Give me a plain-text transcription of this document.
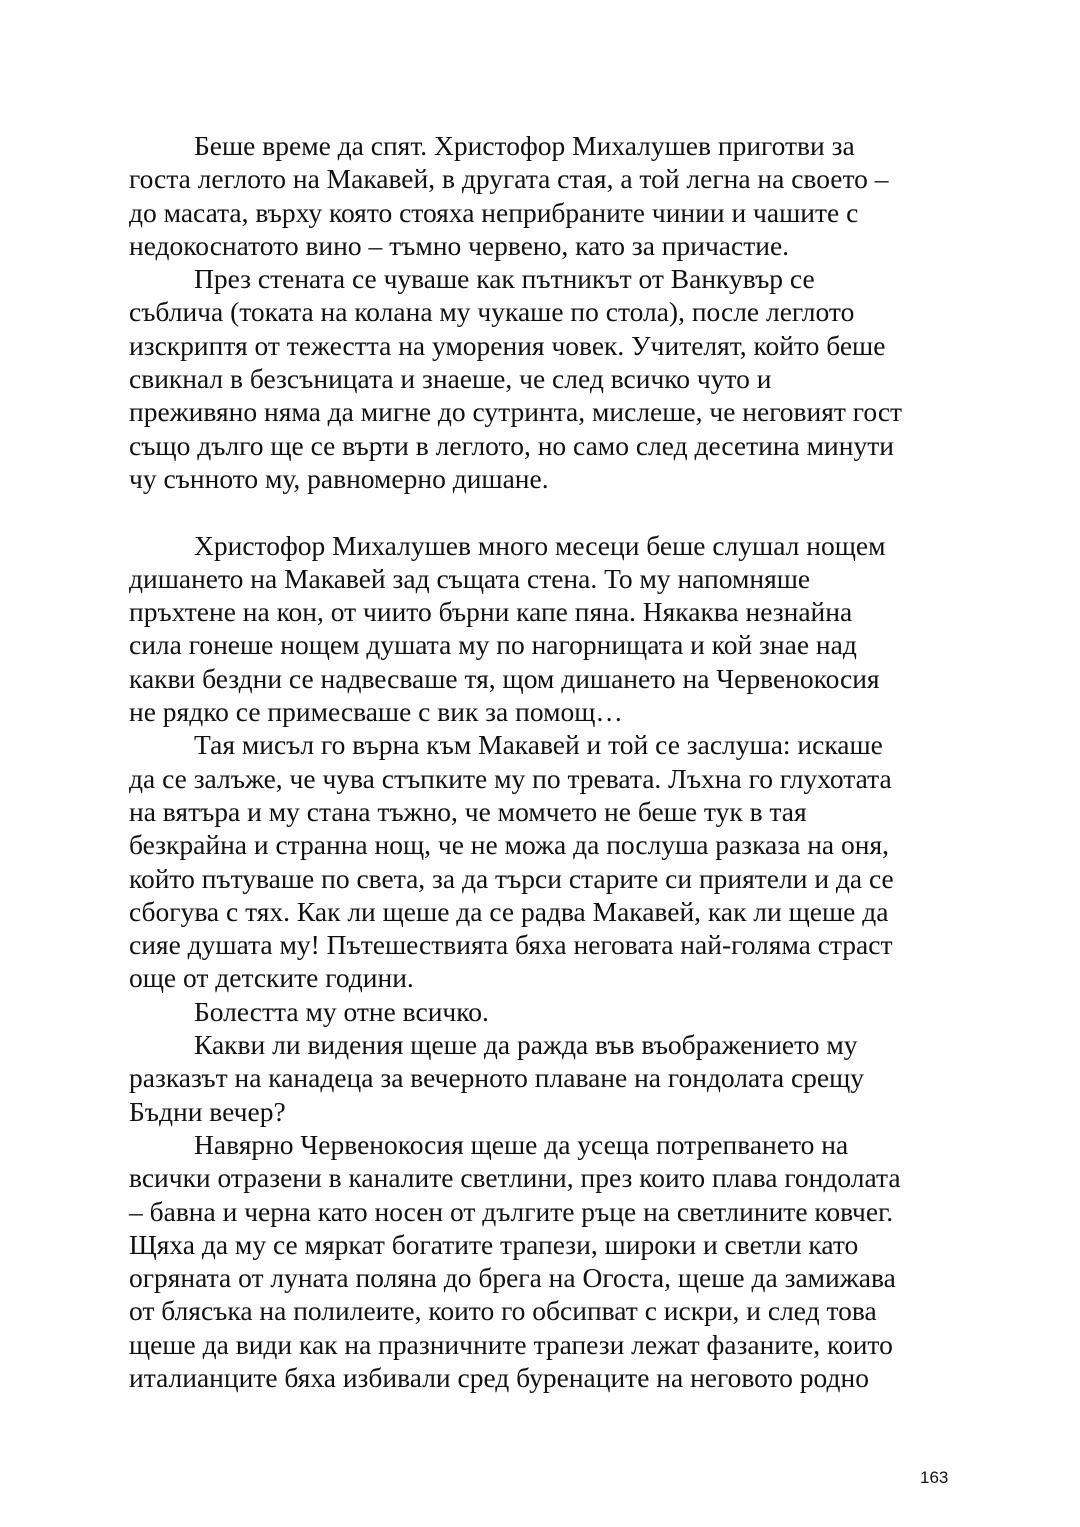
Беше време да спят. Христофор Михалушев приготви за
госта леглото на Макавей, в другата стая, а той легна на своето –
до масата, върху която стояха неприбраните чинии и чашите с
недокоснатото вино – тъмно червено, като за причастие.
През стената се чуваше как пътникът от Ванкувър се
съблича (токата на колана му чукаше по стола), после леглото
изскриптя от тежестта на уморения човек. Учителят, който беше
свикнал в безсъницата и знаеше, че след всичко чуто и
преживяно няма да мигне до сутринта, мислеше, че неговият гост
също дълго ще се върти в леглото, но само след десетина минути
чу сънното му, равномерно дишане.
Христофор Михалушев много месеци беше слушал нощем
дишането на Макавей зад същата стена. То му напомняше
пръхтене на кон, от чиито бърни капе пяна. Някаква незнайна
сила гонеше нощем душата му по нагорнищата и кой знае над
какви бездни се надвесваше тя, щом дишането на Червенокосия
не рядко се примесваше с вик за помощ…
Тая мисъл го върна към Макавей и той се заслуша: искаше
да се залъже, че чува стъпките му по тревата. Лъхна го глухотата
на вятъра и му стана тъжно, че момчето не беше тук в тая
безкрайна и странна нощ, че не можа да послуша разказа на оня,
който пътуваше по света, за да търси старите си приятели и да се
сбогува с тях. Как ли щеше да се радва Макавей, как ли щеше да
сияе душата му! Пътешествията бяха неговата най-голяма страст
още от детските години.
Болестта му отне всичко.
Какви ли видения щеше да ражда във въображението му
разказът на канадеца за вечерното плаване на гондолата срещу
Бъдни вечер?
Навярно Червенокосия щеше да усеща потрепването на
всички отразени в каналите светлини, през които плава гондолата
– бавна и черна като носен от дългите ръце на светлините ковчег.
Щяха да му се мяркат богатите трапези, широки и светли като
огряната от луната поляна до брега на Огоста, щеше да замижава
от блясъка на полилеите, които го обсипват с искри, и след това
щеше да види как на празничните трапези лежат фазаните, които
италианците бяха избивали сред буренаците на неговото родно
163
